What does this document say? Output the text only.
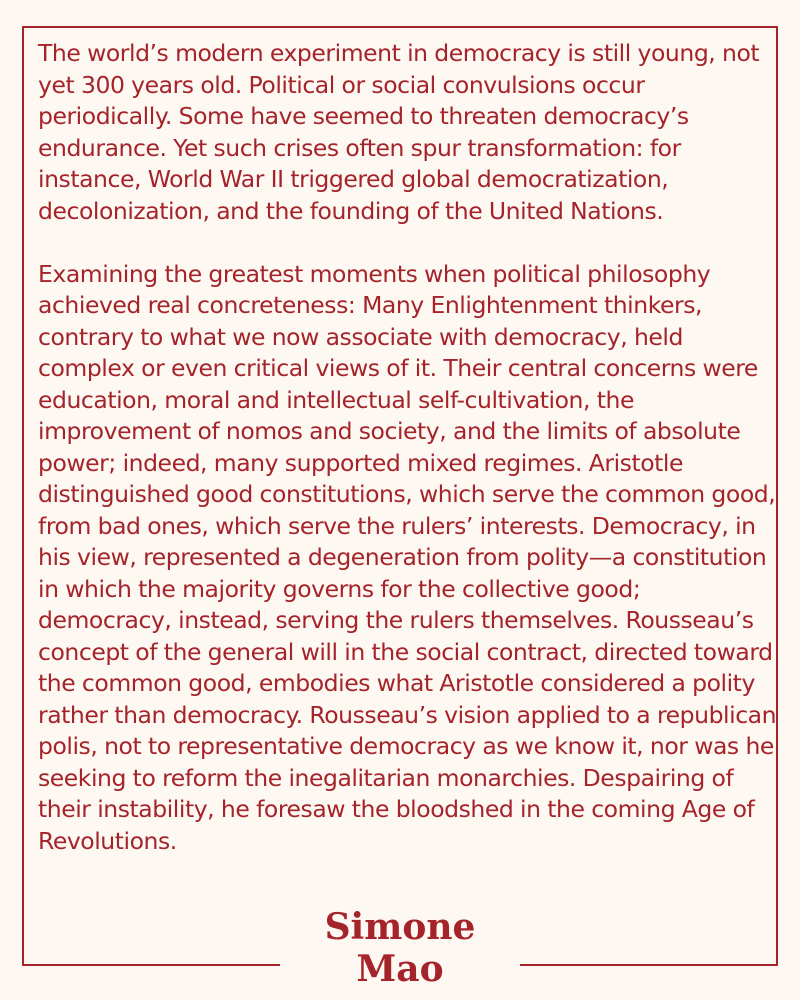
The world’s modern experiment in democracy is still young, not yet 300 years old. Political or social convulsions occur periodically. Some have seemed to threaten democracy’s endurance. Yet such crises often spur transformation: for instance, World War II triggered global democratization, decolonization, and the founding of the United Nations.

Examining the greatest moments when political philosophy achieved real concreteness: Many Enlightenment thinkers, contrary to what we now associate with democracy, held complex or even critical views of it. Their central concerns were education, moral and intellectual self-cultivation, the improvement of nomos and society, and the limits of absolute power; indeed, many supported mixed regimes. Aristotle distinguished good constitutions, which serve the common good, from bad ones, which serve the rulers’ interests. Democracy, in his view, represented a degeneration from polity—a constitution in which the majority governs for the collective good; democracy, instead, serving the rulers themselves. Rousseau’s concept of the general will in the social contract, directed toward the common good, embodies what Aristotle considered a polity rather than democracy. Rousseau’s vision applied to a republican polis, not to representative democracy as we know it, nor was he seeking to reform the inegalitarian monarchies. Despairing of their instability, he foresaw the bloodshed in the coming Age of Revolutions.

Simone
Mao
